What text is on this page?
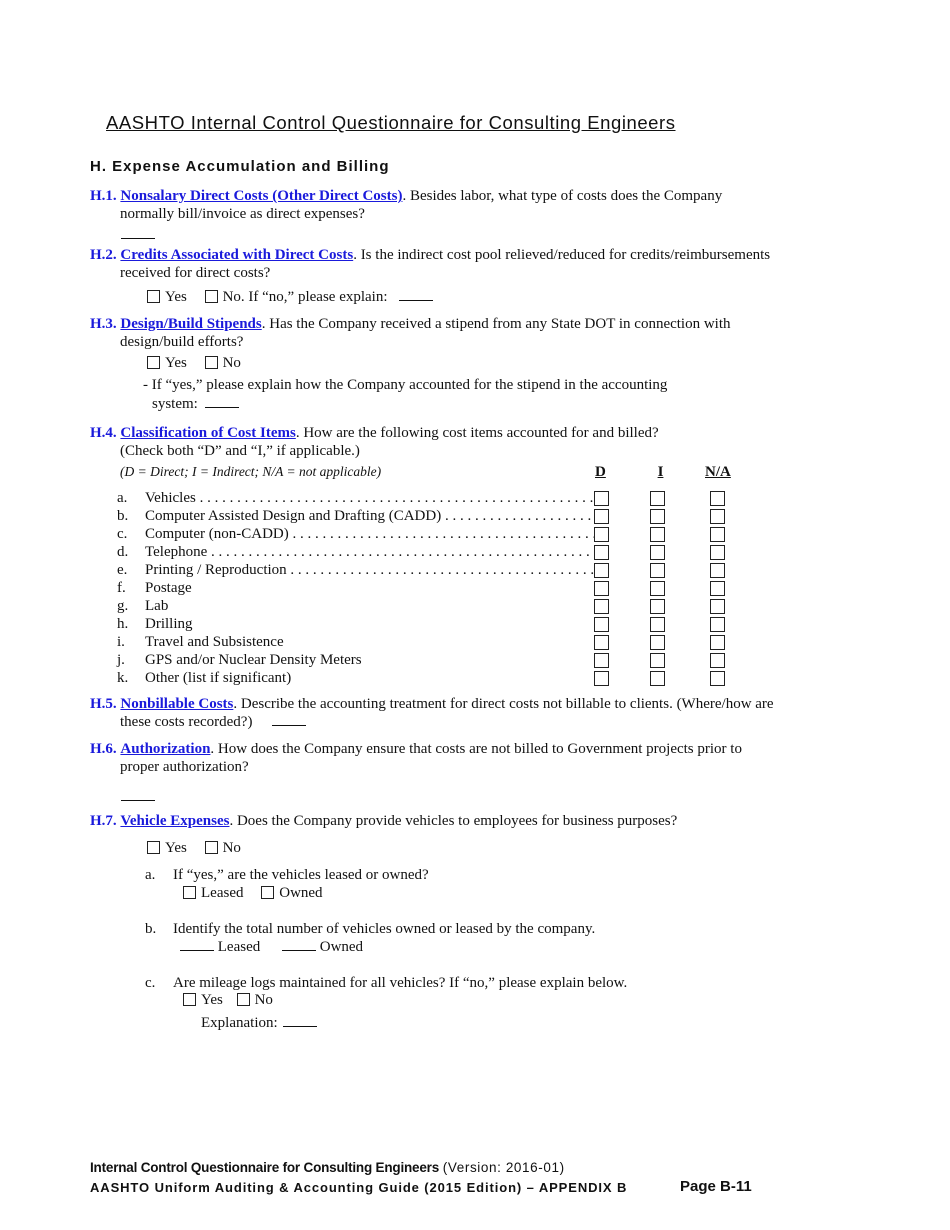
AASHTO Internal Control Questionnaire for Consulting Engineers
H. Expense Accumulation and Billing
H.1. Nonsalary Direct Costs (Other Direct Costs). Besides labor, what type of costs does the Company
normally bill/invoice as direct expenses?
H.2. Credits Associated with Direct Costs. Is the indirect cost pool relieved/reduced for credits/reimbursements
received for direct costs?
Yes No. If “no,” please explain:
H.3. Design/Build Stipends. Has the Company received a stipend from any State DOT in connection with
design/build efforts?
Yes No
- If “yes,” please explain how the Company accounted for the stipend in the accounting
system:
H.4. Classification of Cost Items. How are the following cost items accounted for and billed?
(Check both “D” and “I,” if applicable.)
(D = Direct; I = Indirect; N/A = not applicable)	D	I	N/A
a. Vehicles . . .
b. Computer Assisted Design and Drafting (CADD) . . .
c. Computer (non-CADD) . . .
d. Telephone . . .
e. Printing / Reproduction . . .
f. Postage
g. Lab
h. Drilling
i. Travel and Subsistence
j. GPS and/or Nuclear Density Meters
k. Other (list if significant)
H.5. Nonbillable Costs. Describe the accounting treatment for direct costs not billable to clients. (Where/how are
these costs recorded?)
H.6. Authorization. How does the Company ensure that costs are not billed to Government projects prior to
proper authorization?
H.7. Vehicle Expenses. Does the Company provide vehicles to employees for business purposes?
Yes No
a. If “yes,” are the vehicles leased or owned?
Leased Owned
b. Identify the total number of vehicles owned or leased by the company.
Leased	Owned
c. Are mileage logs maintained for all vehicles? If “no,” please explain below.
Yes No
Explanation:
Internal Control Questionnaire for Consulting Engineers (Version: 2016-01)
AASHTO Uniform Auditing & Accounting Guide (2015 Edition) – APPENDIX B	Page B-11
